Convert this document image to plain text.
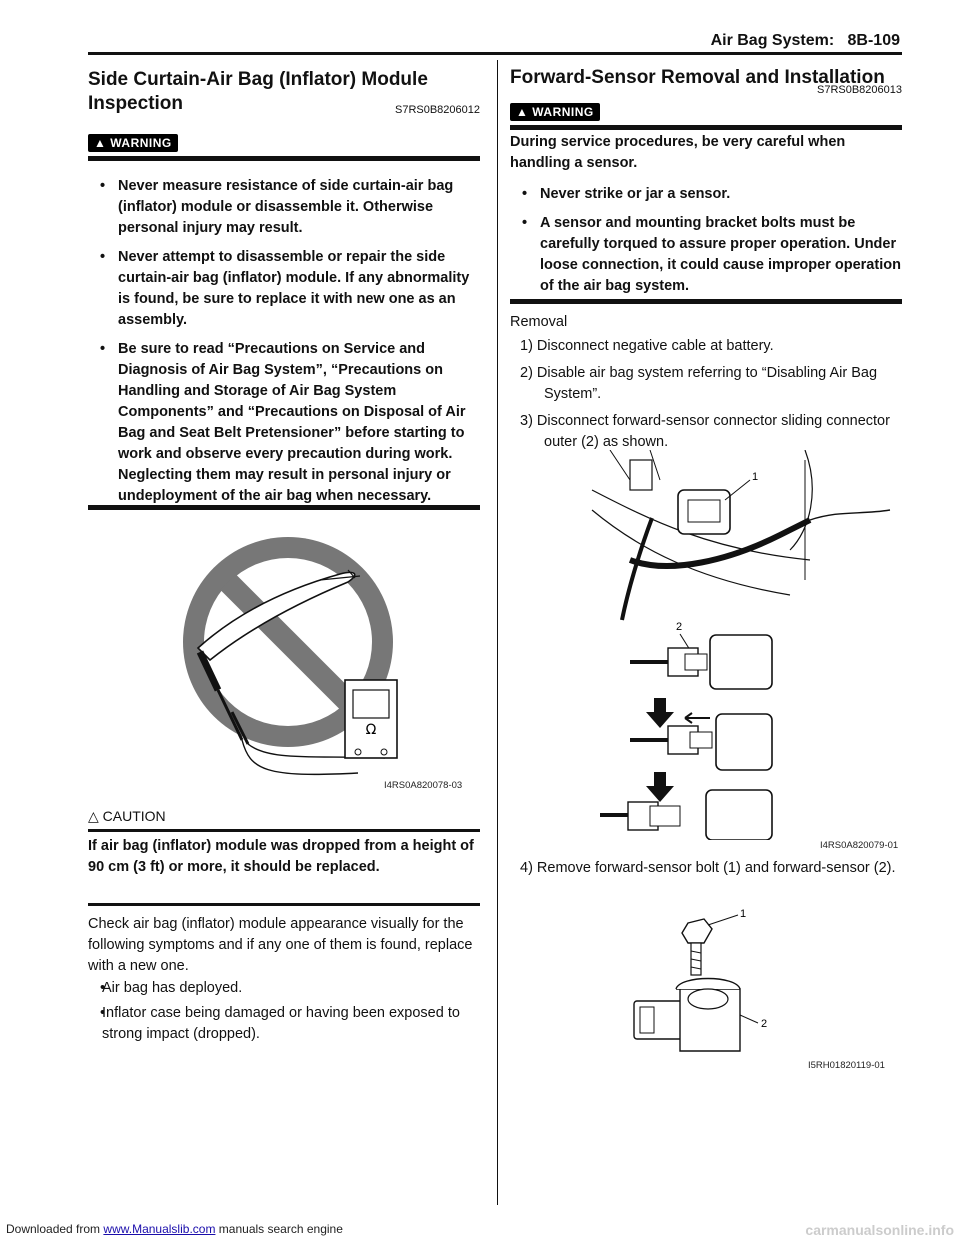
Air Bag System: 8B-109
Side Curtain-Air Bag (Inflator) Module
Inspection	S7RS0B8206012
▲ WARNING
• Never measure resistance of side curtain-air bag (inflator) module or disassemble it. Otherwise personal injury may result.
• Never attempt to disassemble or repair the side curtain-air bag (inflator) module. If any abnormality is found, be sure to replace it with new one as an assembly.
• Be sure to read “Precautions on Service and Diagnosis of Air Bag System”, “Precautions on Handling and Storage of Air Bag System Components” and “Precautions on Disposal of Air Bag and Seat Belt Pretensioner” before starting to work and observe every precaution during work. Neglecting them may result in personal injury or undeployment of the air bag when necessary.
Ω
I4RS0A820078-03
△ CAUTION
If air bag (inflator) module was dropped from a height of 90 cm (3 ft) or more, it should be replaced.
Check air bag (inflator) module appearance visually for the following symptoms and if any one of them is found, replace with a new one.
• Air bag has deployed.
• Inflator case being damaged or having been exposed to strong impact (dropped).
Forward-Sensor Removal and Installation
S7RS0B8206013
▲ WARNING
During service procedures, be very careful when handling a sensor.
• Never strike or jar a sensor.
• A sensor and mounting bracket bolts must be carefully torqued to assure proper operation. Under loose connection, it could cause improper operation of the air bag system.
Removal
1) Disconnect negative cable at battery.
2) Disable air bag system referring to “Disabling Air Bag System”.
3) Disconnect forward-sensor connector sliding connector outer (2) as shown.
1
2
I4RS0A820079-01
4) Remove forward-sensor bolt (1) and forward-sensor (2).
1
2
I5RH01820119-01
Downloaded from www.Manualslib.com manuals search engine	carmanualsonline.info
